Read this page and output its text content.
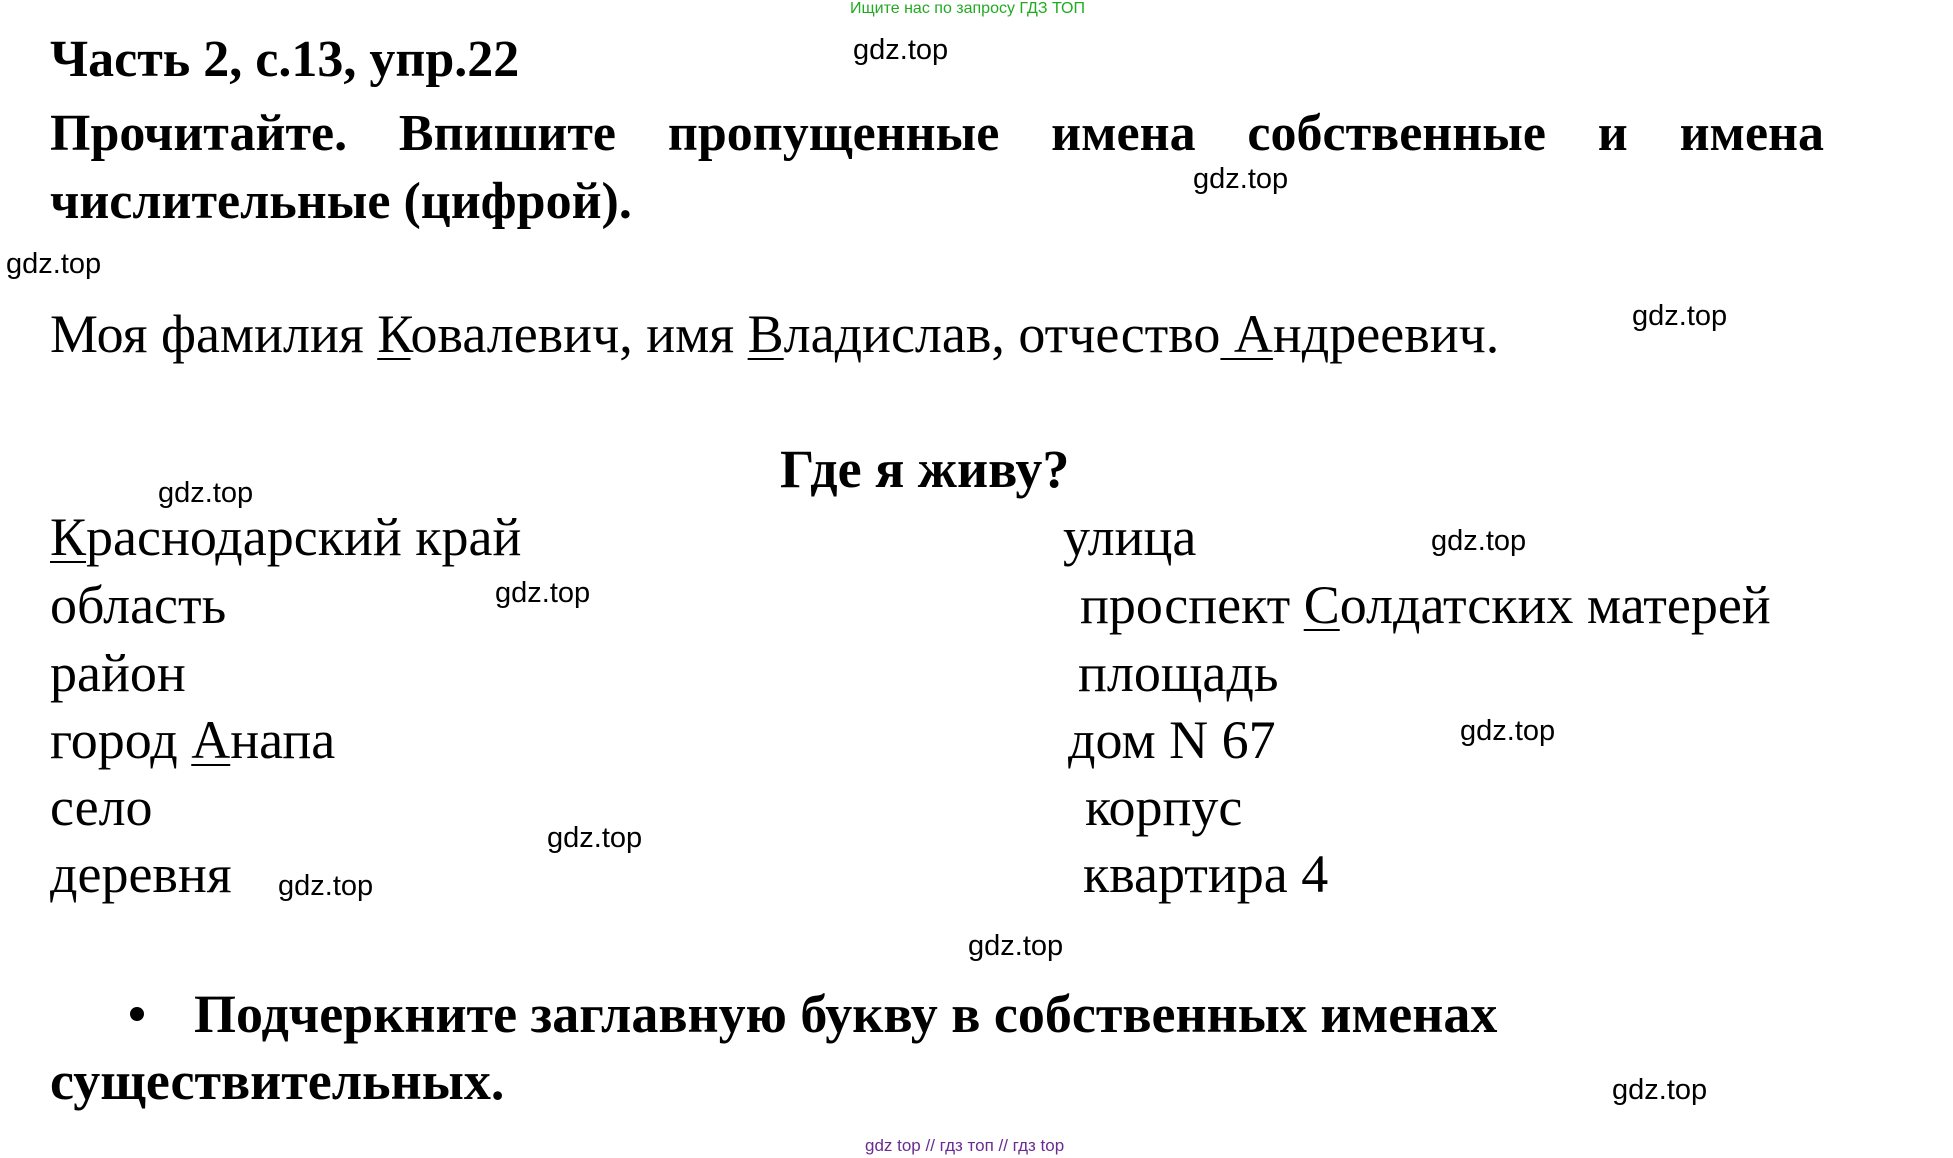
Ищите нас по запросу ГДЗ ТОП
Часть 2, с.13, упр.22
Прочитайте. Впишите пропущенные имена собственные и имена числительные (цифрой).
Моя фамилия Ковалевич, имя Владислав, отчество Андреевич.
Где я живу?
Краснодарский край
область
район
город Анапа
село
деревня
улица
проспект Солдатских матерей
площадь
дом N 67
корпус
квартира 4
Подчеркните заглавную букву в собственных именах
существительных.
gdz.top
gdz.top
gdz.top
gdz.top
gdz.top
gdz.top
gdz.top
gdz.top
gdz.top
gdz.top
gdz.top
gdz.top
gdz top // гдз топ // гдз top
